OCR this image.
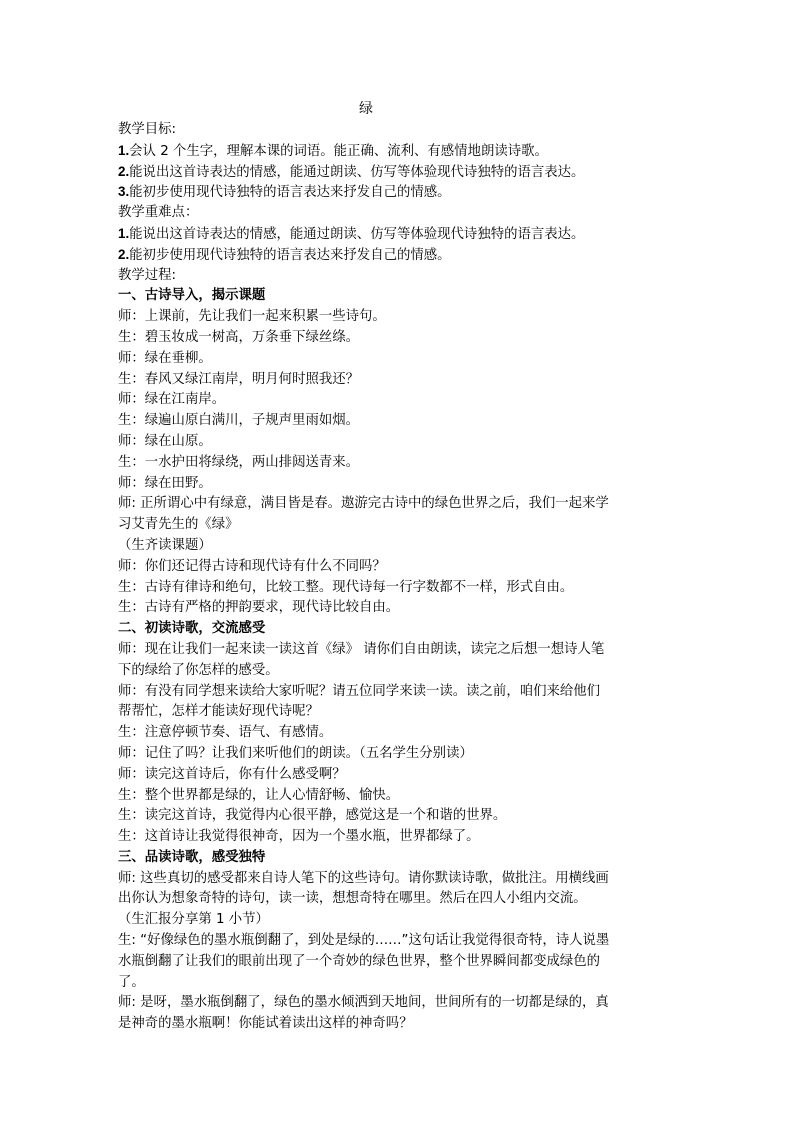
绿
教学目标:
1.会认 2 个生字，理解本课的词语。能正确、流利、有感情地朗读诗歌。
2.能说出这首诗表达的情感，能通过朗读、仿写等体验现代诗独特的语言表达。
3.能初步使用现代诗独特的语言表达来抒发自己的情感。
教学重难点：
1.能说出这首诗表达的情感，能通过朗读、仿写等体验现代诗独特的语言表达。
2.能初步使用现代诗独特的语言表达来抒发自己的情感。
教学过程:
一、古诗导入，揭示课题
师：上课前，先让我们一起来积累一些诗句。
生：碧玉妆成一树高，万条垂下绿丝绦。
师：绿在垂柳。
生：春风又绿江南岸，明月何时照我还？
师：绿在江南岸。
生：绿遍山原白满川，子规声里雨如烟。
师：绿在山原。
生：一水护田将绿绕，两山排闼送青来。
师：绿在田野。
师: 正所谓心中有绿意，满目皆是春。遨游完古诗中的绿色世界之后，我们一起来学习艾青先生的《绿》
（生齐读课题）
师：你们还记得古诗和现代诗有什么不同吗？
生：古诗有律诗和绝句，比较工整。现代诗每一行字数都不一样，形式自由。
生：古诗有严格的押韵要求，现代诗比较自由。
二、初读诗歌，交流感受
师：现在让我们一起来读一读这首《绿》 请你们自由朗读，读完之后想一想诗人笔下的绿给了你怎样的感受。
师：有没有同学想来读给大家听呢？请五位同学来读一读。读之前，咱们来给他们帮帮忙，怎样才能读好现代诗呢？
生：注意停顿节奏、语气、有感情。
师：记住了吗？让我们来听他们的朗读。（五名学生分别读）
师：读完这首诗后，你有什么感受啊？
生：整个世界都是绿的，让人心情舒畅、愉快。
生：读完这首诗，我觉得内心很平静，感觉这是一个和谐的世界。
生：这首诗让我觉得很神奇，因为一个墨水瓶，世界都绿了。
三、品读诗歌，感受独特
师: 这些真切的感受都来自诗人笔下的这些诗句。请你默读诗歌，做批注。用横线画出你认为想象奇特的诗句，读一读，想想奇特在哪里。然后在四人小组内交流。
（生汇报分享第 1 小节）
生: “好像绿色的墨水瓶倒翻了，到处是绿的……”这句话让我觉得很奇特，诗人说墨水瓶倒翻了让我们的眼前出现了一个奇妙的绿色世界，整个世界瞬间都变成绿色的了。
师: 是呀，墨水瓶倒翻了，绿色的墨水倾洒到天地间，世间所有的一切都是绿的，真是神奇的墨水瓶啊！你能试着读出这样的神奇吗？
